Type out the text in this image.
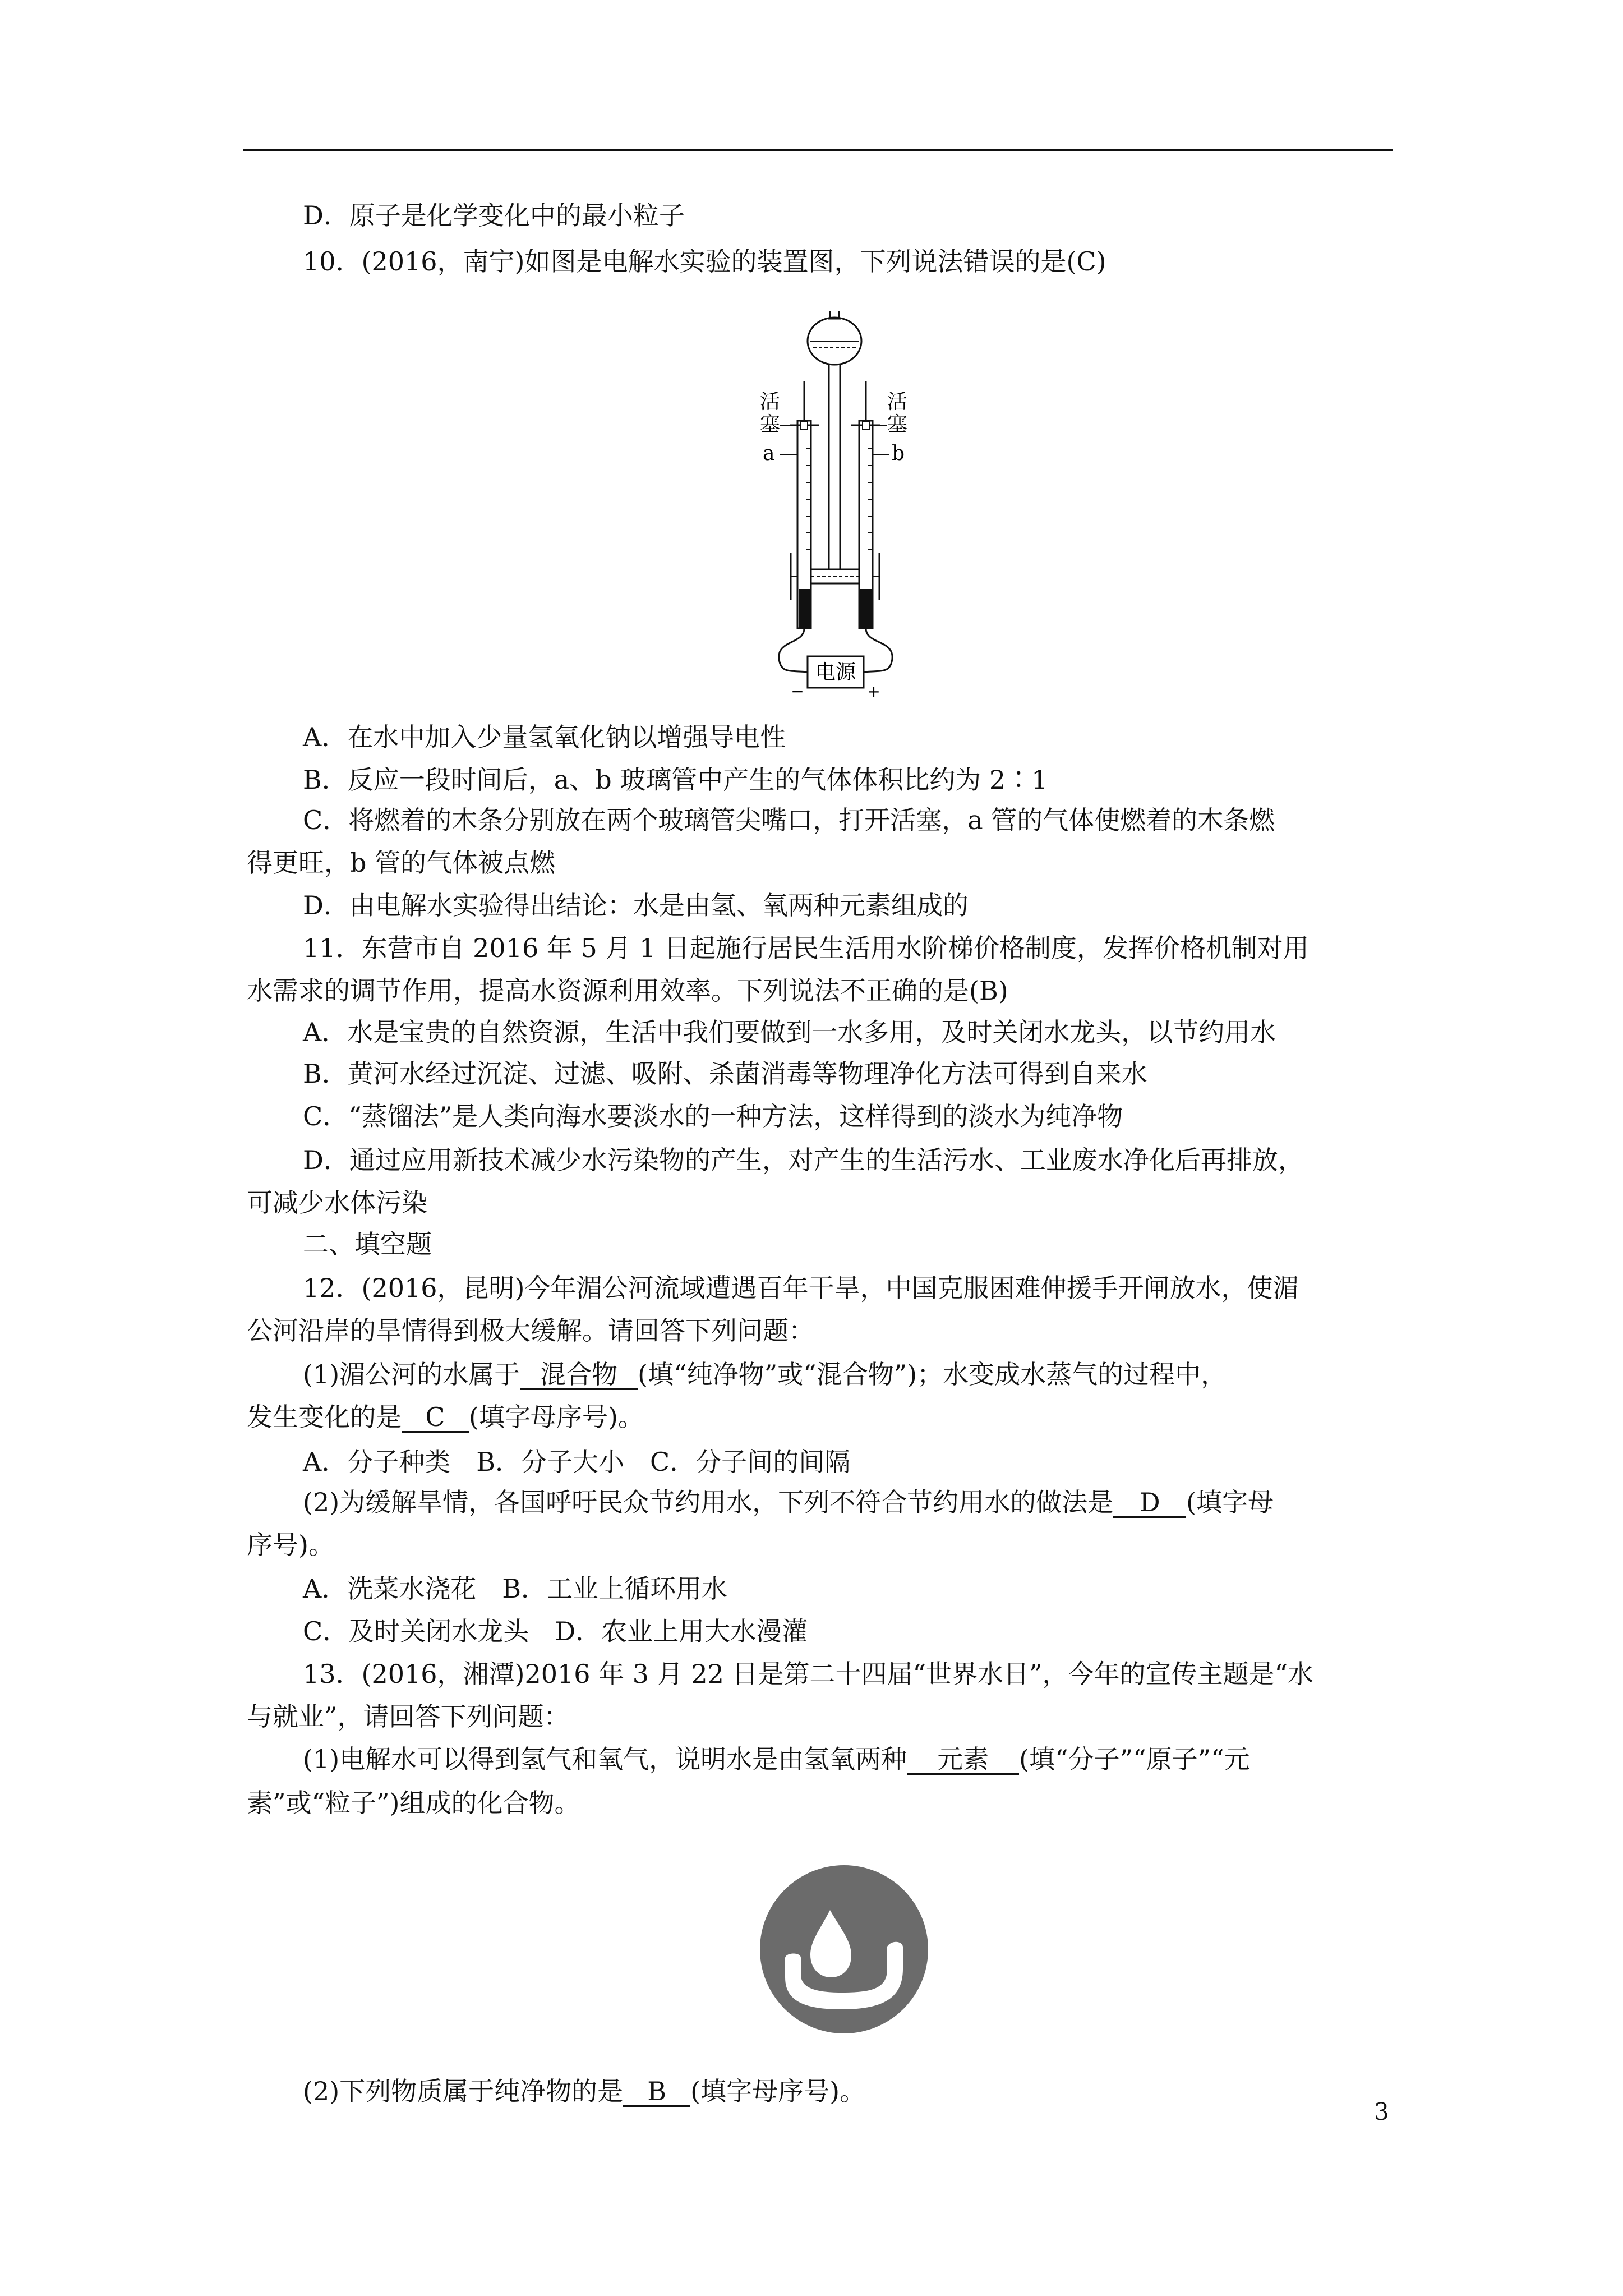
D．原子是化学变化中的最小粒子
10．(2016，南宁)如图是电解水实验的装置图，下列说法错误的是(C)
电源
−	+
活
塞
活
塞
a	b
A．在水中加入少量氢氧化钠以增强导电性
B．反应一段时间后，a、b 玻璃管中产生的气体体积比约为 2∶1
C．将燃着的木条分别放在两个玻璃管尖嘴口，打开活塞，a 管的气体使燃着的木条燃
得更旺，b 管的气体被点燃
D．由电解水实验得出结论：水是由氢、氧两种元素组成的
11．东营市自 2016 年 5 月 1 日起施行居民生活用水阶梯价格制度，发挥价格机制对用
水需求的调节作用，提高水资源利用效率。下列说法不正确的是(B)
A．水是宝贵的自然资源，生活中我们要做到一水多用，及时关闭水龙头，以节约用水
B．黄河水经过沉淀、过滤、吸附、杀菌消毒等物理净化方法可得到自来水
C．“蒸馏法”是人类向海水要淡水的一种方法，这样得到的淡水为纯净物
D．通过应用新技术减少水污染物的产生，对产生的生活污水、工业废水净化后再排放，
可减少水体污染
二、填空题
12．(2016，昆明)今年湄公河流域遭遇百年干旱，中国克服困难伸援手开闸放水，使湄
公河沿岸的旱情得到极大缓解。请回答下列问题：
(1)湄公河的水属于 混合物 (填“纯净物”或“混合物”)；水变成水蒸气的过程中，
发生变化的是 C (填字母序号)。
A．分子种类　B．分子大小　C．分子间的间隔
(2)为缓解旱情，各国呼吁民众节约用水，下列不符合节约用水的做法是 D (填字母
序号)。
A．洗菜水浇花　B．工业上循环用水
C．及时关闭水龙头　D．农业上用大水漫灌
13．(2016，湘潭)2016 年 3 月 22 日是第二十四届“世界水日”，今年的宣传主题是“水
与就业”，请回答下列问题：
(1)电解水可以得到氢气和氧气，说明水是由氢氧两种 元素 (填“分子”“原子”“元
素”或“粒子”)组成的化合物。
(2)下列物质属于纯净物的是 B (填字母序号)。
3
